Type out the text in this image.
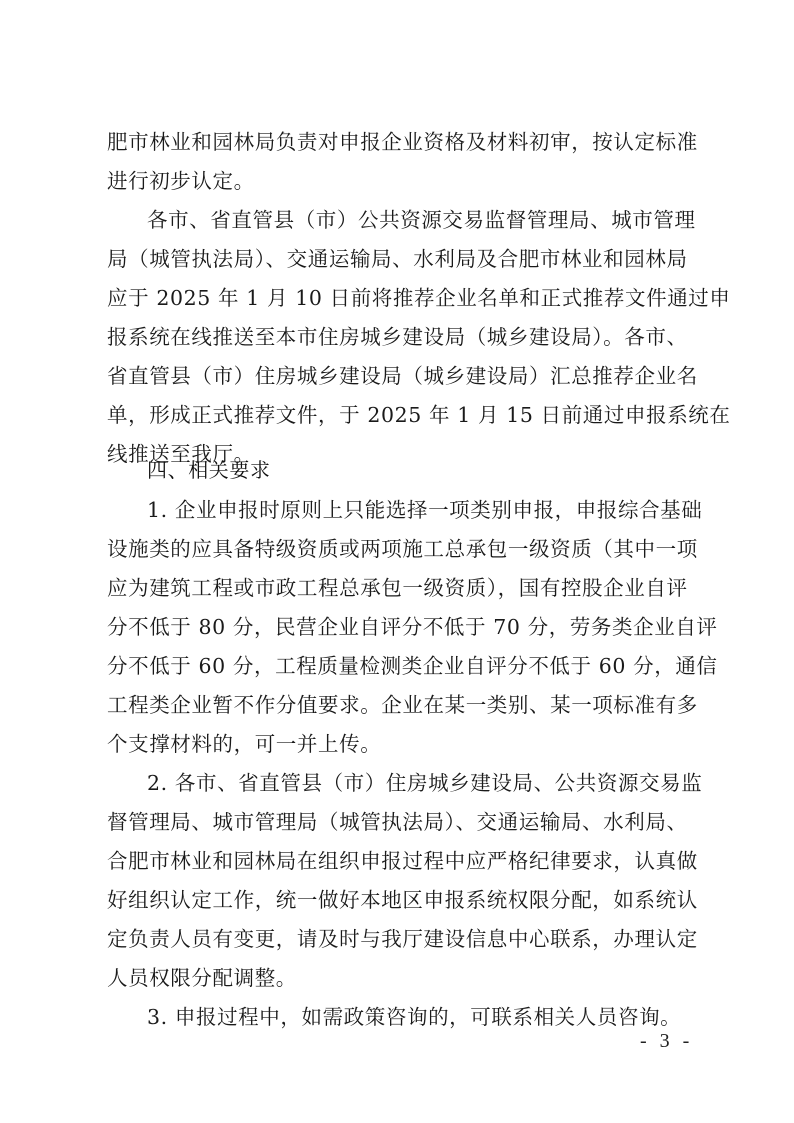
肥市林业和园林局负责对申报企业资格及材料初审，按认定标准
进行初步认定。
各市、省直管县（市）公共资源交易监督管理局、城市管理
局（城管执法局）、交通运输局、水利局及合肥市林业和园林局
应于 2025 年 1 月 10 日前将推荐企业名单和正式推荐文件通过申
报系统在线推送至本市住房城乡建设局（城乡建设局）。各市、
省直管县（市）住房城乡建设局（城乡建设局）汇总推荐企业名
单，形成正式推荐文件，于 2025 年 1 月 15 日前通过申报系统在
线推送至我厅。
四、相关要求
1. 企业申报时原则上只能选择一项类别申报，申报综合基础
设施类的应具备特级资质或两项施工总承包一级资质（其中一项
应为建筑工程或市政工程总承包一级资质），国有控股企业自评
分不低于 80 分，民营企业自评分不低于 70 分，劳务类企业自评
分不低于 60 分，工程质量检测类企业自评分不低于 60 分，通信
工程类企业暂不作分值要求。企业在某一类别、某一项标准有多
个支撑材料的，可一并上传。
2. 各市、省直管县（市）住房城乡建设局、公共资源交易监
督管理局、城市管理局（城管执法局）、交通运输局、水利局、
合肥市林业和园林局在组织申报过程中应严格纪律要求，认真做
好组织认定工作，统一做好本地区申报系统权限分配，如系统认
定负责人员有变更，请及时与我厅建设信息中心联系，办理认定
人员权限分配调整。
3. 申报过程中，如需政策咨询的，可联系相关人员咨询。
- 3 -
